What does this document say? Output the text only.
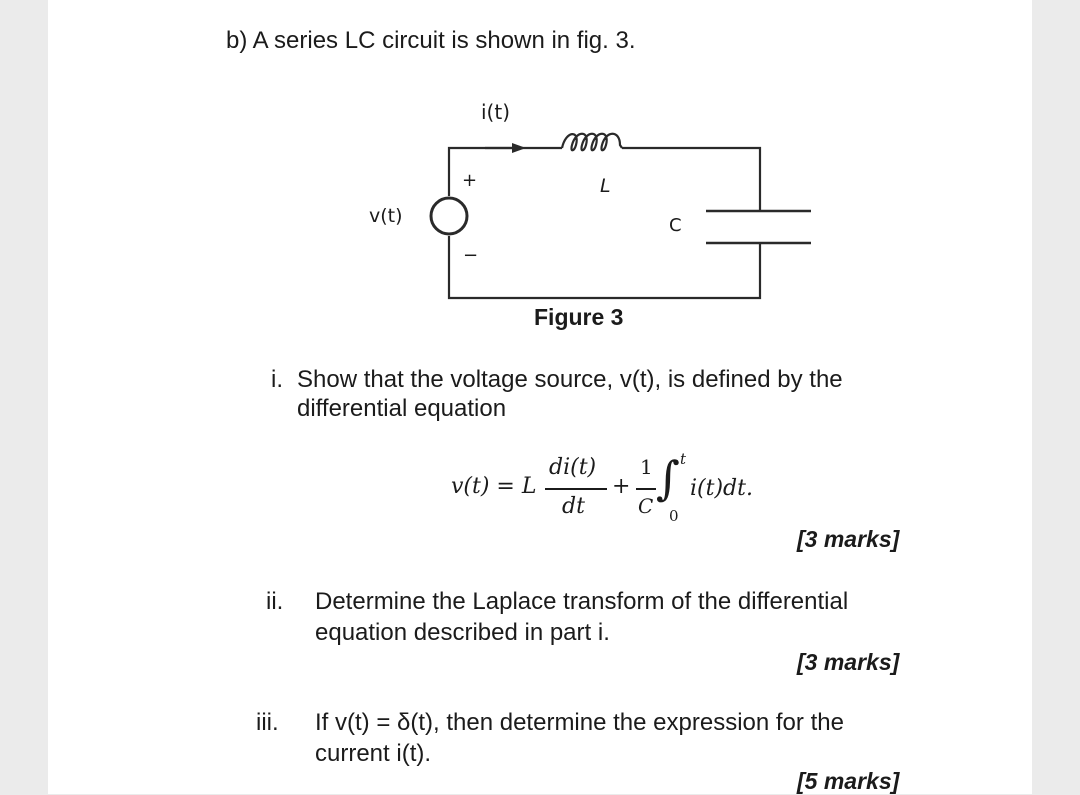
b) A series LC circuit is shown in fig. 3.
i(t)
v(t)
+
−
L
C
Figure 3
i. Show that the voltage source, v(t), is defined by the
differential equation
v(t) = L
di(t)
dt
+
1
C
∫ t
0
i(t)dt.
[3 marks]
ii. Determine the Laplace transform of the differential
equation described in part i.
[3 marks]
iii. If v(t) = δ(t), then determine the expression for the
current i(t).
[5 marks]
